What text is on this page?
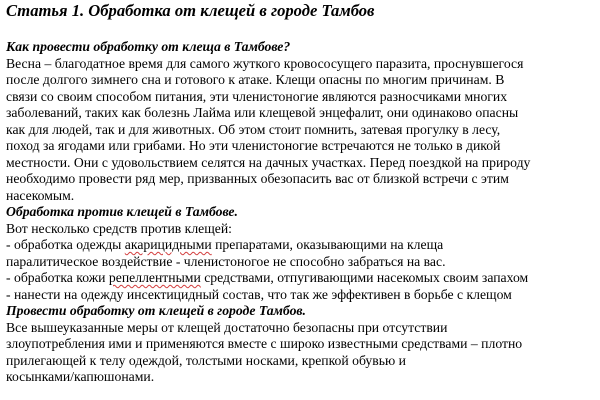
Статья 1. Обработка от клещей в городе Тамбов
Как провести обработку от клеща в Тамбове?
Весна – благодатное время для самого жуткого кровососущего паразита, проснувшегося
после долгого зимнего сна и готового к атаке. Клещи опасны по многим причинам. В
связи со своим способом питания, эти членистоногие являются разносчиками многих
заболеваний, таких как болезнь Лайма или клещевой энцефалит, они одинаково опасны
как для людей, так и для животных. Об этом стоит помнить, затевая прогулку в лесу,
поход за ягодами или грибами. Но эти членистоногие встречаются не только в дикой
местности. Они с удовольствием селятся на дачных участках. Перед поездкой на природу
необходимо провести ряд мер, призванных обезопасить вас от близкой встречи с этим
насекомым.
Обработка против клещей в Тамбове.
Вот несколько средств против клещей:
- обработка одежды акарицидными препаратами, оказывающими на клеща
паралитическое воздействие - членистоногое не способно забраться на вас.
- обработка кожи репеллентными средствами, отпугивающими насекомых своим запахом
- нанести на одежду инсектицидный состав, что так же эффективен в борьбе с клещом
Провести обработку от клещей в городе Тамбов.
Все вышеуказанные меры от клещей достаточно безопасны при отсутствии
злоупотребления ими и применяются вместе с широко известными средствами – плотно
прилегающей к телу одеждой, толстыми носками, крепкой обувью и
косынками/капюшонами.
